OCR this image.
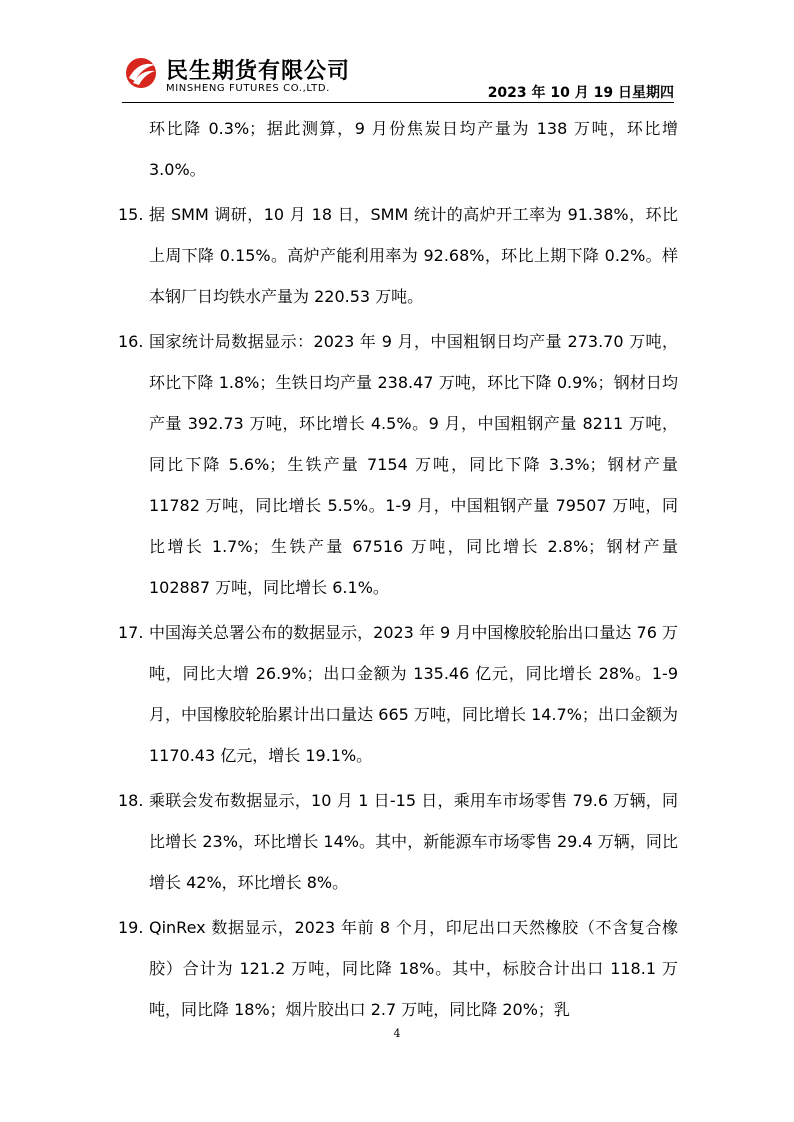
民生期货有限公司
MINSHENG FUTURES CO.,LTD.	2023 年 10 月 19 日星期四
环比降 0.3%；据此测算，9 月份焦炭日均产量为 138 万吨，环比增 3.0%。
15. 据 SMM 调研，10 月 18 日，SMM 统计的高炉开工率为 91.38%，环比上周下降 0.15%。高炉产能利用率为 92.68%，环比上期下降 0.2%。样本钢厂日均铁水产量为 220.53 万吨。
16. 国家统计局数据显示：2023 年 9 月，中国粗钢日均产量 273.70 万吨，环比下降 1.8%；生铁日均产量 238.47 万吨，环比下降 0.9%；钢材日均产量 392.73 万吨，环比增长 4.5%。9 月，中国粗钢产量 8211 万吨，同比下降 5.6%；生铁产量 7154 万吨，同比下降 3.3%；钢材产量 11782 万吨，同比增长 5.5%。1-9 月，中国粗钢产量 79507 万吨，同比增长 1.7%；生铁产量 67516 万吨，同比增长 2.8%；钢材产量 102887 万吨，同比增长 6.1%。
17. 中国海关总署公布的数据显示，2023 年 9 月中国橡胶轮胎出口量达 76 万吨，同比大增 26.9%；出口金额为 135.46 亿元，同比增长 28%。1-9 月，中国橡胶轮胎累计出口量达 665 万吨，同比增长 14.7%；出口金额为 1170.43 亿元，增长 19.1%。
18. 乘联会发布数据显示，10 月 1 日-15 日，乘用车市场零售 79.6 万辆，同比增长 23%，环比增长 14%。其中，新能源车市场零售 29.4 万辆，同比增长 42%，环比增长 8%。
19. QinRex 数据显示，2023 年前 8 个月，印尼出口天然橡胶（不含复合橡胶）合计为 121.2 万吨，同比降 18%。其中，标胶合计出口 118.1 万吨，同比降 18%；烟片胶出口 2.7 万吨，同比降 20%；乳
4
